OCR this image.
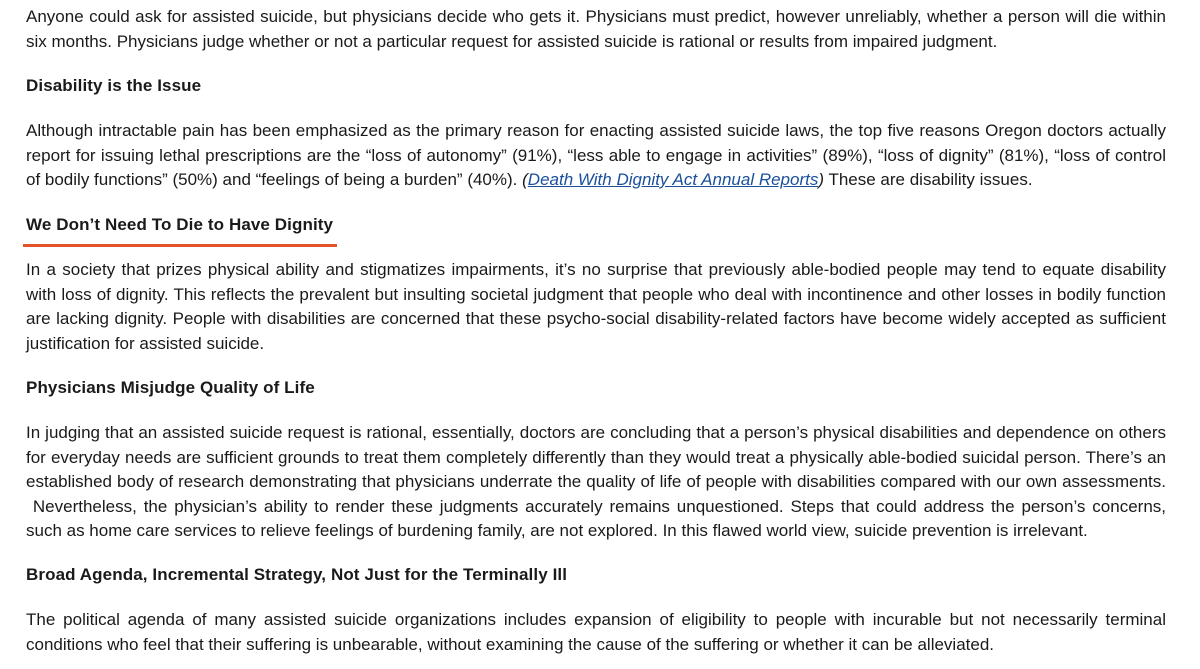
Anyone could ask for assisted suicide, but physicians decide who gets it. Physicians must predict, however unreliably, whether a person will die within six months. Physicians judge whether or not a particular request for assisted suicide is rational or results from impaired judgment.

Disability is the Issue

Although intractable pain has been emphasized as the primary reason for enacting assisted suicide laws, the top five reasons Oregon doctors actually report for issuing lethal prescriptions are the “loss of autonomy” (91%), “less able to engage in activities” (89%), “loss of dignity” (81%), “loss of control of bodily functions” (50%) and “feelings of being a burden” (40%). (Death With Dignity Act Annual Reports) These are disability issues.

We Don’t Need To Die to Have Dignity

In a society that prizes physical ability and stigmatizes impairments, it’s no surprise that previously able-bodied people may tend to equate disability with loss of dignity. This reflects the prevalent but insulting societal judgment that people who deal with incontinence and other losses in bodily function are lacking dignity. People with disabilities are concerned that these psycho-social disability-related factors have become widely accepted as sufficient justification for assisted suicide.

Physicians Misjudge Quality of Life

In judging that an assisted suicide request is rational, essentially, doctors are concluding that a person’s physical disabilities and dependence on others for everyday needs are sufficient grounds to treat them completely differently than they would treat a physically able-bodied suicidal person. There’s an established body of research demonstrating that physicians underrate the quality of life of people with disabilities compared with our own assessments.  Nevertheless, the physician’s ability to render these judgments accurately remains unquestioned. Steps that could address the person’s concerns, such as home care services to relieve feelings of burdening family, are not explored. In this flawed world view, suicide prevention is irrelevant.

Broad Agenda, Incremental Strategy, Not Just for the Terminally Ill

The political agenda of many assisted suicide organizations includes expansion of eligibility to people with incurable but not necessarily terminal conditions who feel that their suffering is unbearable, without examining the cause of the suffering or whether it can be alleviated.
